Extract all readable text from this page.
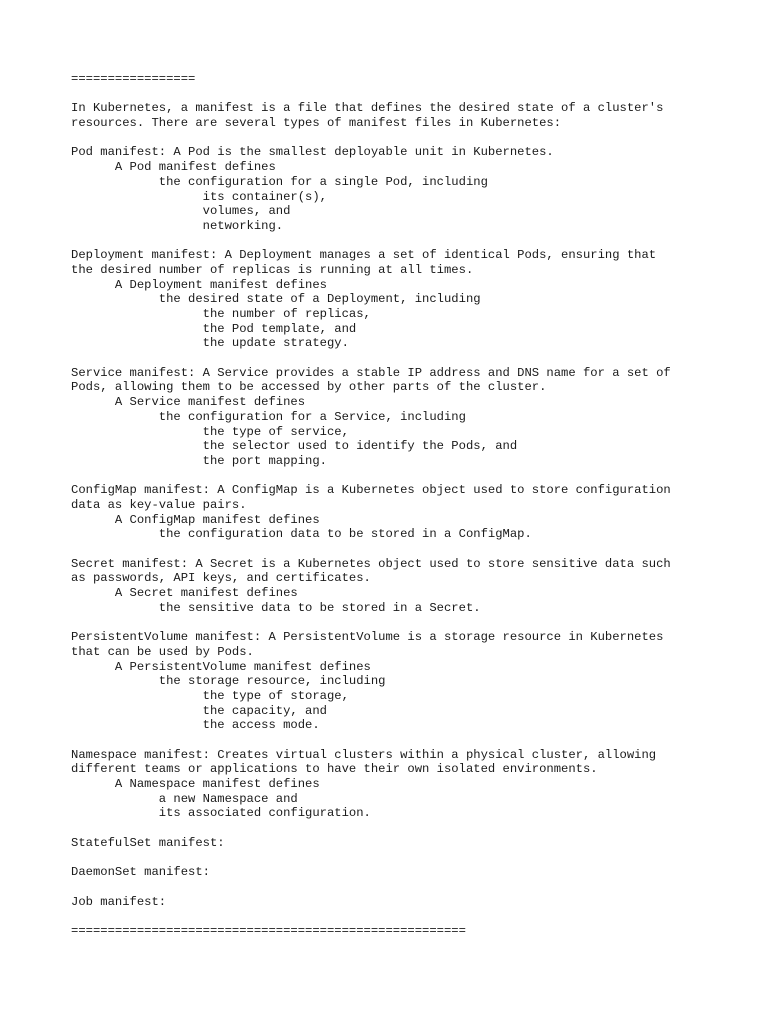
=================
In Kubernetes, a manifest is a file that defines the desired state of a cluster's
resources. There are several types of manifest files in Kubernetes:
Pod manifest: A Pod is the smallest deployable unit in Kubernetes.
A Pod manifest defines
the configuration for a single Pod, including
its container(s),
volumes, and
networking.
Deployment manifest: A Deployment manages a set of identical Pods, ensuring that
the desired number of replicas is running at all times.
A Deployment manifest defines
the desired state of a Deployment, including
the number of replicas,
the Pod template, and
the update strategy.
Service manifest: A Service provides a stable IP address and DNS name for a set of
Pods, allowing them to be accessed by other parts of the cluster.
A Service manifest defines
the configuration for a Service, including
the type of service,
the selector used to identify the Pods, and
the port mapping.
ConfigMap manifest: A ConfigMap is a Kubernetes object used to store configuration
data as key-value pairs.
A ConfigMap manifest defines
the configuration data to be stored in a ConfigMap.
Secret manifest: A Secret is a Kubernetes object used to store sensitive data such
as passwords, API keys, and certificates.
A Secret manifest defines
the sensitive data to be stored in a Secret.
PersistentVolume manifest: A PersistentVolume is a storage resource in Kubernetes
that can be used by Pods.
A PersistentVolume manifest defines
the storage resource, including
the type of storage,
the capacity, and
the access mode.
Namespace manifest: Creates virtual clusters within a physical cluster, allowing
different teams or applications to have their own isolated environments.
A Namespace manifest defines
a new Namespace and
its associated configuration.
StatefulSet manifest:
DaemonSet manifest:
Job manifest:
======================================================
